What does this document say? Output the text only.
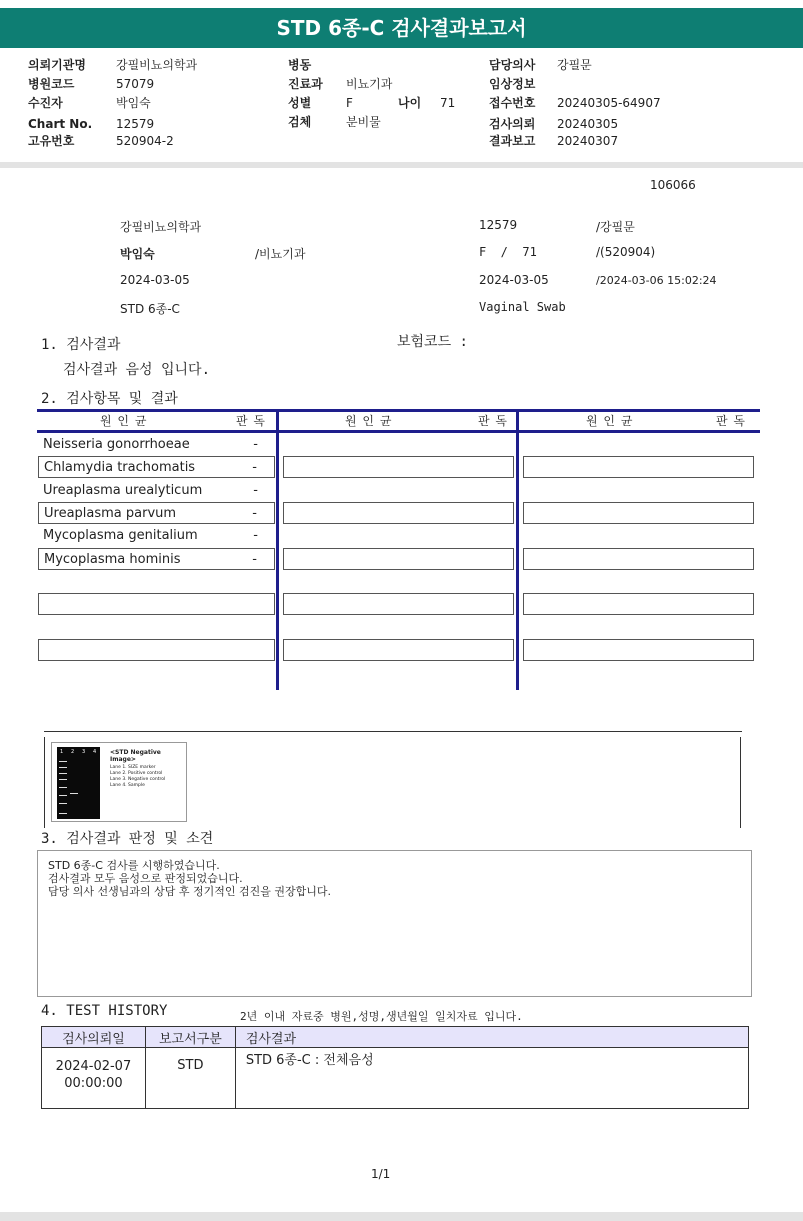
STD 6종-C 검사결과보고서
의뢰기관명	강필비뇨의학과
병원코드	57079
수진자	박임숙
Chart No. 12579
고유번호	520904-2
병동
진료과 비뇨기과
성별	F	나이 71
검체	분비물
담당의사 강필문
임상정보
접수번호 20240305-64907
검사의뢰 20240305
결과보고 20240307
106066
강필비뇨의학과	12579	/강필문
박임숙	/비뇨기과	F  /  71	/(520904)
2024-03-05	2024-03-05	/2024-03-06 15:02:24
STD 6종-C	Vaginal Swab
1. 검사결과	보험코드 :
검사결과 음성 입니다.
2. 검사항목 및 결과
원 인 균	판 독	원 인 균	판 독	원 인 균	판 독
Neisseria gonorrhoeae	-
Chlamydia trachomatis	-
Ureaplasma urealyticum	-
Ureaplasma parvum	-
Mycoplasma genitalium	-
Mycoplasma hominis	-
1 2 3 4 <STD Negative Image>
Lane 1. SIZE marker
Lane 2. Positive control
Lane 3. Negative control
Lane 4. Sample
3. 검사결과 판정 및 소견
STD 6종-C 검사를 시행하였습니다.
검사결과 모두 음성으로 판정되었습니다.
담당 의사 선생님과의 상담 후 정기적인 검진을 권장합니다.
4. TEST HISTORY	2년 이내 자료중 병원,성명,생년월일 일치자료 입니다.
검사의뢰일	보고서구분	검사결과

2024-02-07
00:00:00	STD	STD 6종-C : 전체음성
1/1
